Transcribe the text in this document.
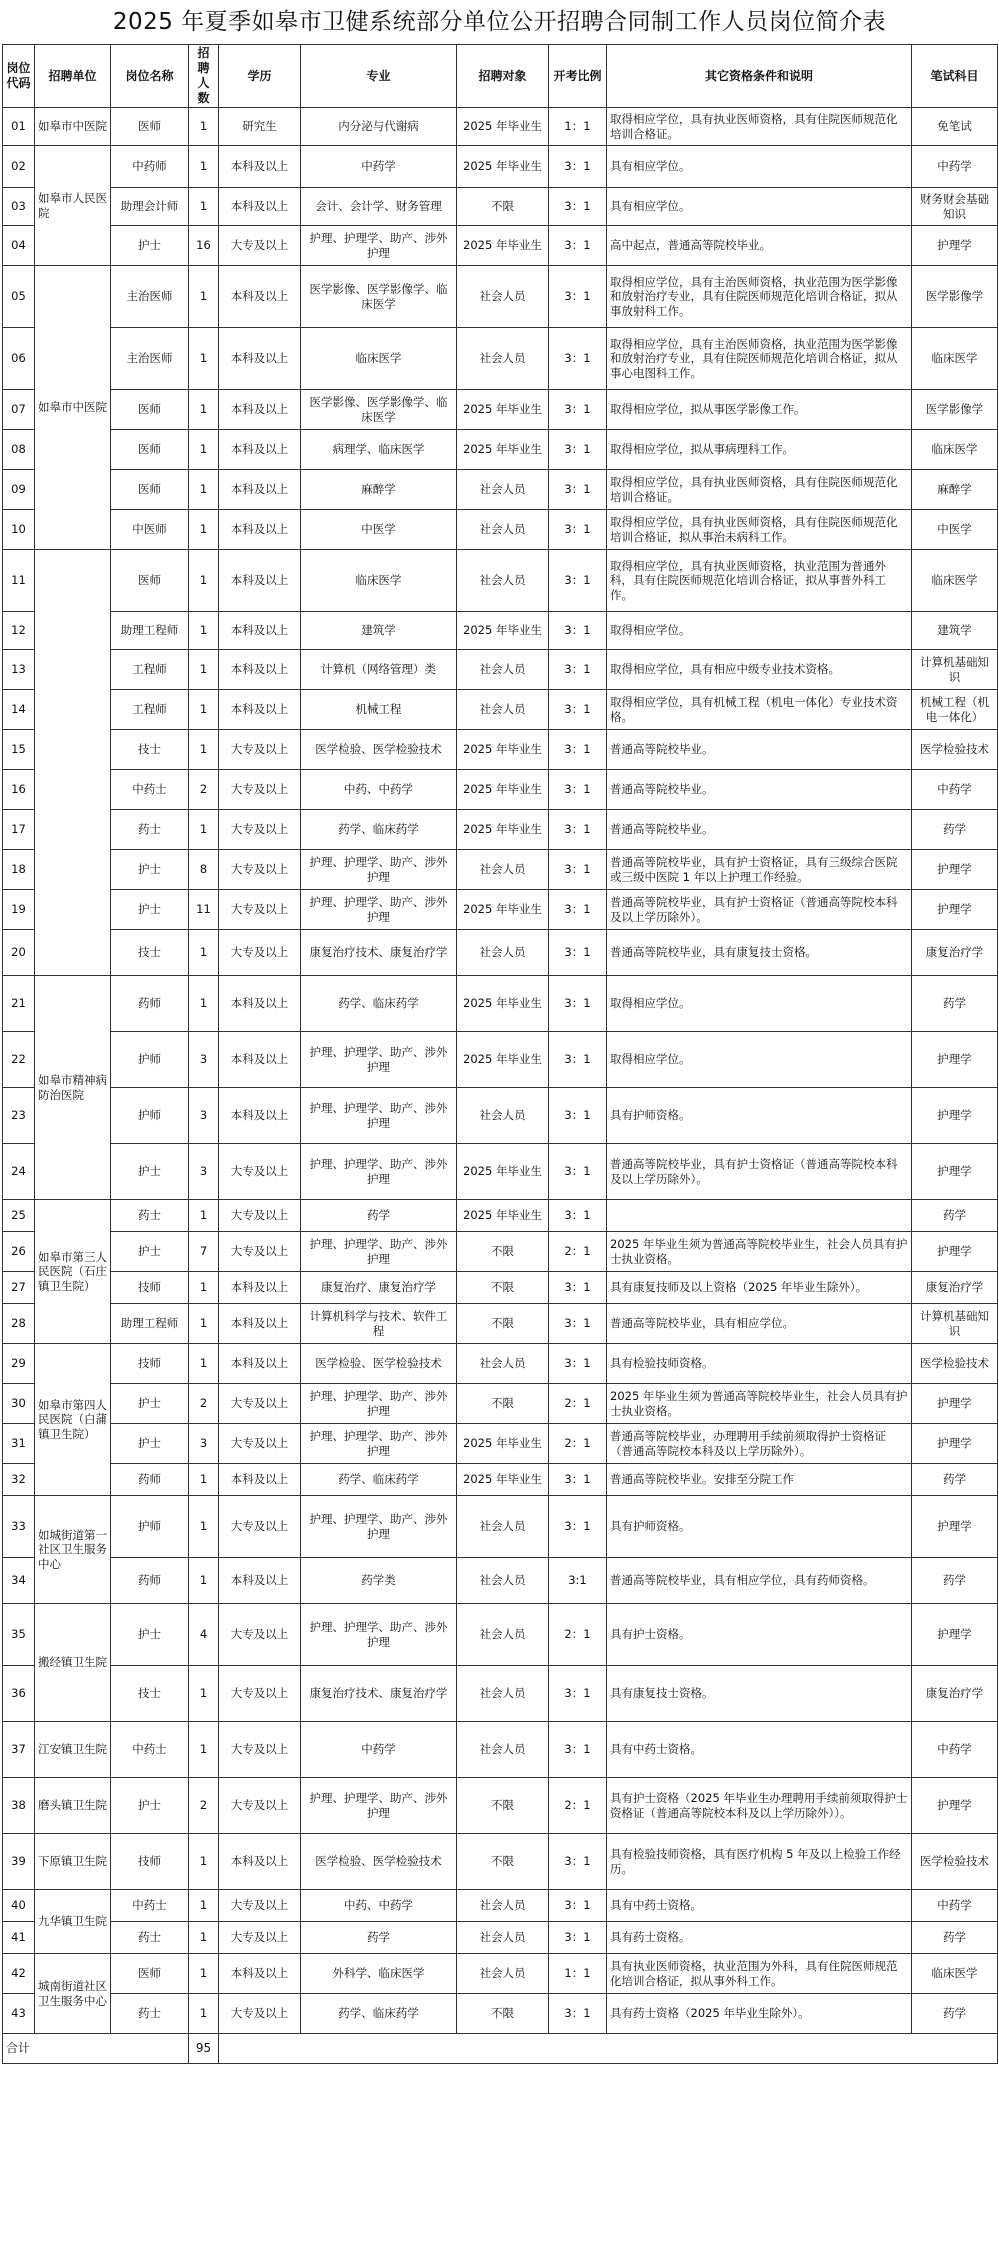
2025 年夏季如皋市卫健系统部分单位公开招聘合同制工作人员岗位简介表
岗位代码	招聘单位	岗位名称	招聘人数	学历	专业	招聘对象	开考比例	其它资格条件和说明	笔试科目
01	如皋市中医院	医师	1	研究生	内分泌与代谢病	2025 年毕业生	1：1	取得相应学位，具有执业医师资格，具有住院医师规范化培训合格证。	免笔试
02	如皋市人民医院	中药师	1	本科及以上	中药学	2025 年毕业生	3：1	具有相应学位。	中药学
03		助理会计师	1	本科及以上	会计、会计学、财务管理	不限	3：1	具有相应学位。	财务财会基础知识
04		护士	16	大专及以上	护理、护理学、助产、涉外护理	2025 年毕业生	3：1	高中起点，普通高等院校毕业。	护理学
05	如皋市中医院	主治医师	1	本科及以上	医学影像、医学影像学、临床医学	社会人员	3：1	取得相应学位，具有主治医师资格，执业范围为医学影像和放射治疗专业，具有住院医师规范化培训合格证，拟从事放射科工作。	医学影像学
06		主治医师	1	本科及以上	临床医学	社会人员	3：1	取得相应学位，具有主治医师资格，执业范围为医学影像和放射治疗专业，具有住院医师规范化培训合格证，拟从事心电图科工作。	临床医学
07		医师	1	本科及以上	医学影像、医学影像学、临床医学	2025 年毕业生	3：1	取得相应学位，拟从事医学影像工作。	医学影像学
08		医师	1	本科及以上	病理学、临床医学	2025 年毕业生	3：1	取得相应学位，拟从事病理科工作。	临床医学
09		医师	1	本科及以上	麻醉学	社会人员	3：1	取得相应学位，具有执业医师资格，具有住院医师规范化培训合格证。	麻醉学
10		中医师	1	本科及以上	中医学	社会人员	3：1	取得相应学位，具有执业医师资格，具有住院医师规范化培训合格证，拟从事治未病科工作。	中医学
11		医师	1	本科及以上	临床医学	社会人员	3：1	取得相应学位，具有执业医师资格，执业范围为普通外科，具有住院医师规范化培训合格证，拟从事普外科工作。	临床医学
12		助理工程师	1	本科及以上	建筑学	2025 年毕业生	3：1	取得相应学位。	建筑学
13		工程师	1	本科及以上	计算机（网络管理）类	社会人员	3：1	取得相应学位，具有相应中级专业技术资格。	计算机基础知识
14		工程师	1	本科及以上	机械工程	社会人员	3：1	取得相应学位，具有机械工程（机电一体化）专业技术资格。	机械工程（机电一体化）
15		技士	1	大专及以上	医学检验、医学检验技术	2025 年毕业生	3：1	普通高等院校毕业。	医学检验技术
16		中药士	2	大专及以上	中药、中药学	2025 年毕业生	3：1	普通高等院校毕业。	中药学
17		药士	1	大专及以上	药学、临床药学	2025 年毕业生	3：1	普通高等院校毕业。	药学
18		护士	8	大专及以上	护理、护理学、助产、涉外护理	社会人员	3：1	普通高等院校毕业，具有护士资格证，具有三级综合医院或三级中医院 1 年以上护理工作经验。	护理学
19		护士	11	大专及以上	护理、护理学、助产、涉外护理	2025 年毕业生	3：1	普通高等院校毕业，具有护士资格证（普通高等院校本科及以上学历除外）。	护理学
20		技士	1	大专及以上	康复治疗技术、康复治疗学	社会人员	3：1	普通高等院校毕业，具有康复技士资格。	康复治疗学
21	如皋市精神病防治医院	药师	1	本科及以上	药学、临床药学	2025 年毕业生	3：1	取得相应学位。	药学
22		护师	3	本科及以上	护理、护理学、助产、涉外护理	2025 年毕业生	3：1	取得相应学位。	护理学
23		护师	3	本科及以上	护理、护理学、助产、涉外护理	社会人员	3：1	具有护师资格。	护理学
24		护士	3	大专及以上	护理、护理学、助产、涉外护理	2025 年毕业生	3：1	普通高等院校毕业，具有护士资格证（普通高等院校本科及以上学历除外）。	护理学
25	如皋市第三人民医院（石庄镇卫生院）	药士	1	大专及以上	药学	2025 年毕业生	3：1		药学
26		护士	7	大专及以上	护理、护理学、助产、涉外护理	不限	2：1	2025 年毕业生须为普通高等院校毕业生，社会人员具有护士执业资格。	护理学
27		技师	1	本科及以上	康复治疗、康复治疗学	不限	3：1	具有康复技师及以上资格（2025 年毕业生除外）。	康复治疗学
28		助理工程师	1	本科及以上	计算机科学与技术、软件工程	不限	3：1	普通高等院校毕业，具有相应学位。	计算机基础知识
29	如皋市第四人民医院（白蒲镇卫生院）	技师	1	本科及以上	医学检验、医学检验技术	社会人员	3：1	具有检验技师资格。	医学检验技术
30		护士	2	大专及以上	护理、护理学、助产、涉外护理	不限	2：1	2025 年毕业生须为普通高等院校毕业生，社会人员具有护士执业资格。	护理学
31		护士	3	大专及以上	护理、护理学、助产、涉外护理	2025 年毕业生	2：1	普通高等院校毕业，办理聘用手续前须取得护士资格证（普通高等院校本科及以上学历除外）。	护理学
32		药师	1	本科及以上	药学、临床药学	2025 年毕业生	3：1	普通高等院校毕业。安排至分院工作	药学
33	如城街道第一社区卫生服务中心	护师	1	大专及以上	护理、护理学、助产、涉外护理	社会人员	3：1	具有护师资格。	护理学
34		药师	1	本科及以上	药学类	社会人员	3:1	普通高等院校毕业，具有相应学位，具有药师资格。	药学
35	搬经镇卫生院	护士	4	大专及以上	护理、护理学、助产、涉外护理	社会人员	2：1	具有护士资格。	护理学
36		技士	1	大专及以上	康复治疗技术、康复治疗学	社会人员	3：1	具有康复技士资格。	康复治疗学
37	江安镇卫生院	中药士	1	大专及以上	中药学	社会人员	3：1	具有中药士资格。	中药学
38	磨头镇卫生院	护士	2	大专及以上	护理、护理学、助产、涉外护理	不限	2：1	具有护士资格（2025 年毕业生办理聘用手续前须取得护士资格证（普通高等院校本科及以上学历除外））。	护理学
39	下原镇卫生院	技师	1	本科及以上	医学检验、医学检验技术	不限	3：1	具有检验技师资格，具有医疗机构 5 年及以上检验工作经历。	医学检验技术
40	九华镇卫生院	中药士	1	大专及以上	中药、中药学	社会人员	3：1	具有中药士资格。	中药学
41		药士	1	大专及以上	药学	社会人员	3：1	具有药士资格。	药学
42	城南街道社区卫生服务中心	医师	1	本科及以上	外科学、临床医学	社会人员	1：1	具有执业医师资格，执业范围为外科，具有住院医师规范化培训合格证，拟从事外科工作。	临床医学
43		药士	1	大专及以上	药学、临床药学	不限	3：1	具有药士资格（2025 年毕业生除外）。	药学
合计			95						
